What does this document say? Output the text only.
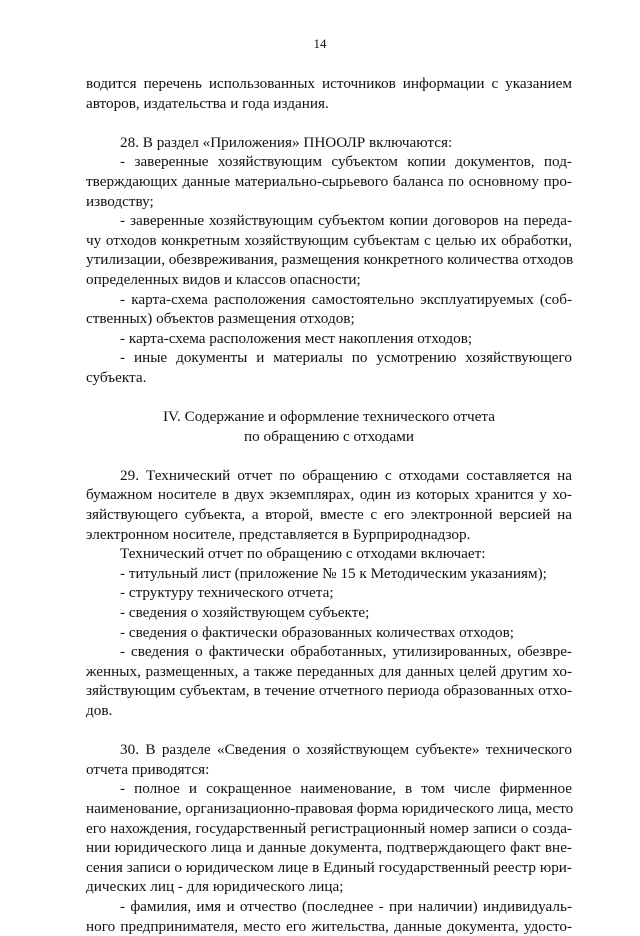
14
водится перечень использованных источников информации с указанием
авторов, издательства и года издания.
28. В раздел «Приложения» ПНООЛР включаются:
- заверенные хозяйствующим субъектом копии документов, под-
тверждающих данные материально-сырьевого баланса по основному про-
изводству;
- заверенные хозяйствующим субъектом копии договоров на переда-
чу отходов конкретным хозяйствующим субъектам с целью их обработки,
утилизации, обезвреживания, размещения конкретного количества отходов
определенных видов и классов опасности;
- карта-схема расположения самостоятельно эксплуатируемых (соб-
ственных) объектов размещения отходов;
- карта-схема расположения мест накопления отходов;
- иные документы и материалы по усмотрению хозяйствующего
субъекта.
IV. Содержание и оформление технического отчета
по обращению с отходами
29. Технический отчет по обращению с отходами составляется на
бумажном носителе в двух экземплярах, один из которых хранится у хо-
зяйствующего субъекта, а второй, вместе с его электронной версией на
электронном носителе, представляется в Бурприроднадзор.
Технический отчет по обращению с отходами включает:
- титульный лист (приложение № 15 к Методическим указаниям);
- структуру технического отчета;
- сведения о хозяйствующем субъекте;
- сведения о фактически образованных количествах отходов;
- сведения о фактически обработанных, утилизированных, обезвре-
женных, размещенных, а также переданных для данных целей другим хо-
зяйствующим субъектам, в течение отчетного периода образованных отхо-
дов.
30. В разделе «Сведения о хозяйствующем субъекте» технического
отчета приводятся:
- полное и сокращенное наименование, в том числе фирменное
наименование, организационно-правовая форма юридического лица, место
его нахождения, государственный регистрационный номер записи о созда-
нии юридического лица и данные документа, подтверждающего факт вне-
сения записи о юридическом лице в Единый государственный реестр юри-
дических лиц - для юридического лица;
- фамилия, имя и отчество (последнее - при наличии) индивидуаль-
ного предпринимателя, место его жительства, данные документа, удосто-
